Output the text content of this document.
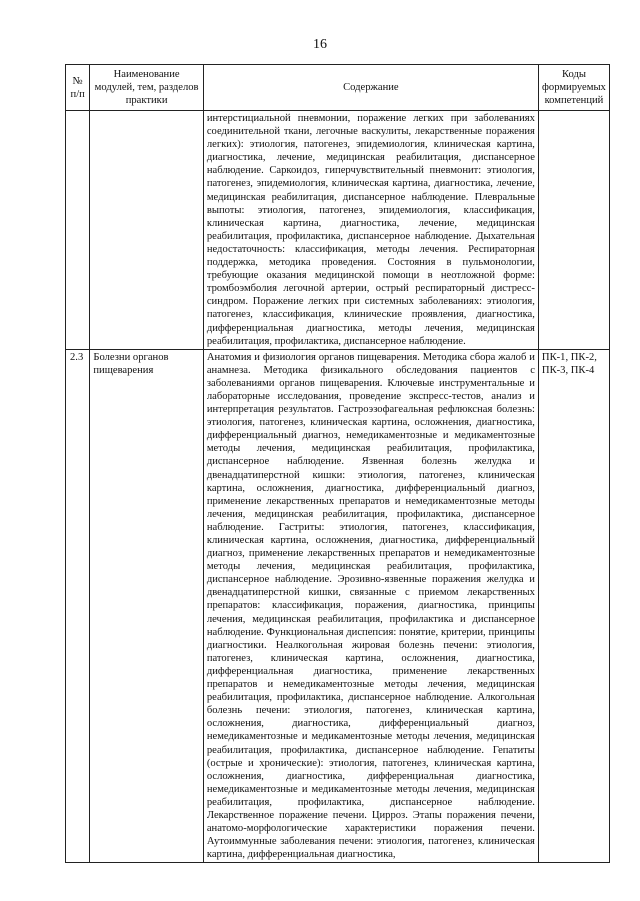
16
№ п/п	Наименование модулей, тем, разделов практики	Содержание	Коды формируемых компетенций
		интерстициальной пневмонии, поражение легких при заболеваниях соединительной ткани, легочные васкулиты, лекарственные поражения легких): этиология, патогенез, эпидемиология, клиническая картина, диагностика, лечение, медицинская реабилитация, диспансерное наблюдение. Саркоидоз, гиперчувствительный пневмонит: этиология, патогенез, эпидемиология, клиническая картина, диагностика, лечение, медицинская реабилитация, диспансерное наблюдение. Плевральные выпоты: этиология, патогенез, эпидемиология, классификация, клиническая картина, диагностика, лечение, медицинская реабилитация, профилактика, диспансерное наблюдение. Дыхательная недостаточность: классификация, методы лечения. Респираторная поддержка, методика проведения. Состояния в пульмонологии, требующие оказания медицинской помощи в неотложной форме: тромбоэмболия легочной артерии, острый респираторный дистресс-синдром. Поражение легких при системных заболеваниях: этиология, патогенез, классификация, клинические проявления, диагностика, дифференциальная диагностика, методы лечения, медицинская реабилитация, профилактика, диспансерное наблюдение.	
2.3	Болезни органов пищеварения	Анатомия и физиология органов пищеварения. Методика сбора жалоб и анамнеза. Методика физикального обследования пациентов с заболеваниями органов пищеварения. Ключевые инструментальные и лабораторные исследования, проведение экспресс-тестов, анализ и интерпретация результатов. Гастроэзофагеальная рефлюксная болезнь: этиология, патогенез, клиническая картина, осложнения, диагностика, дифференциальный диагноз, немедикаментозные и медикаментозные методы лечения, медицинская реабилитация, профилактика, диспансерное наблюдение. Язвенная болезнь желудка и двенадцатиперстной кишки: этиология, патогенез, клиническая картина, осложнения, диагностика, дифференциальный диагноз, применение лекарственных препаратов и немедикаментозные методы лечения, медицинская реабилитация, профилактика, диспансерное наблюдение. Гастриты: этиология, патогенез, классификация, клиническая картина, осложнения, диагностика, дифференциальный диагноз, применение лекарственных препаратов и немедикаментозные методы лечения, медицинская реабилитация, профилактика, диспансерное наблюдение. Эрозивно-язвенные поражения желудка и двенадцатиперстной кишки, связанные с приемом лекарственных препаратов: классификация, поражения, диагностика, принципы лечения, медицинская реабилитация, профилактика и диспансерное наблюдение. Функциональная диспепсия: понятие, критерии, принципы диагностики. Неалкогольная жировая болезнь печени: этиология, патогенез, клиническая картина, осложнения, диагностика, дифференциальная диагностика, применение лекарственных препаратов и немедикаментозные методы лечения, медицинская реабилитация, профилактика, диспансерное наблюдение. Алкогольная болезнь печени: этиология, патогенез, клиническая картина, осложнения, диагностика, дифференциальный диагноз, немедикаментозные и медикаментозные методы лечения, медицинская реабилитация, профилактика, диспансерное наблюдение. Гепатиты (острые и хронические): этиология, патогенез, клиническая картина, осложнения, диагностика, дифференциальная диагностика, немедикаментозные и медикаментозные методы лечения, медицинская реабилитация, профилактика, диспансерное наблюдение. Лекарственное поражение печени. Цирроз. Этапы поражения печени, анатомо-морфологические характеристики поражения печени. Аутоиммунные заболевания печени: этиология, патогенез, клиническая картина, дифференциальная диагностика,	ПК-1, ПК-2, ПК-3, ПК-4
